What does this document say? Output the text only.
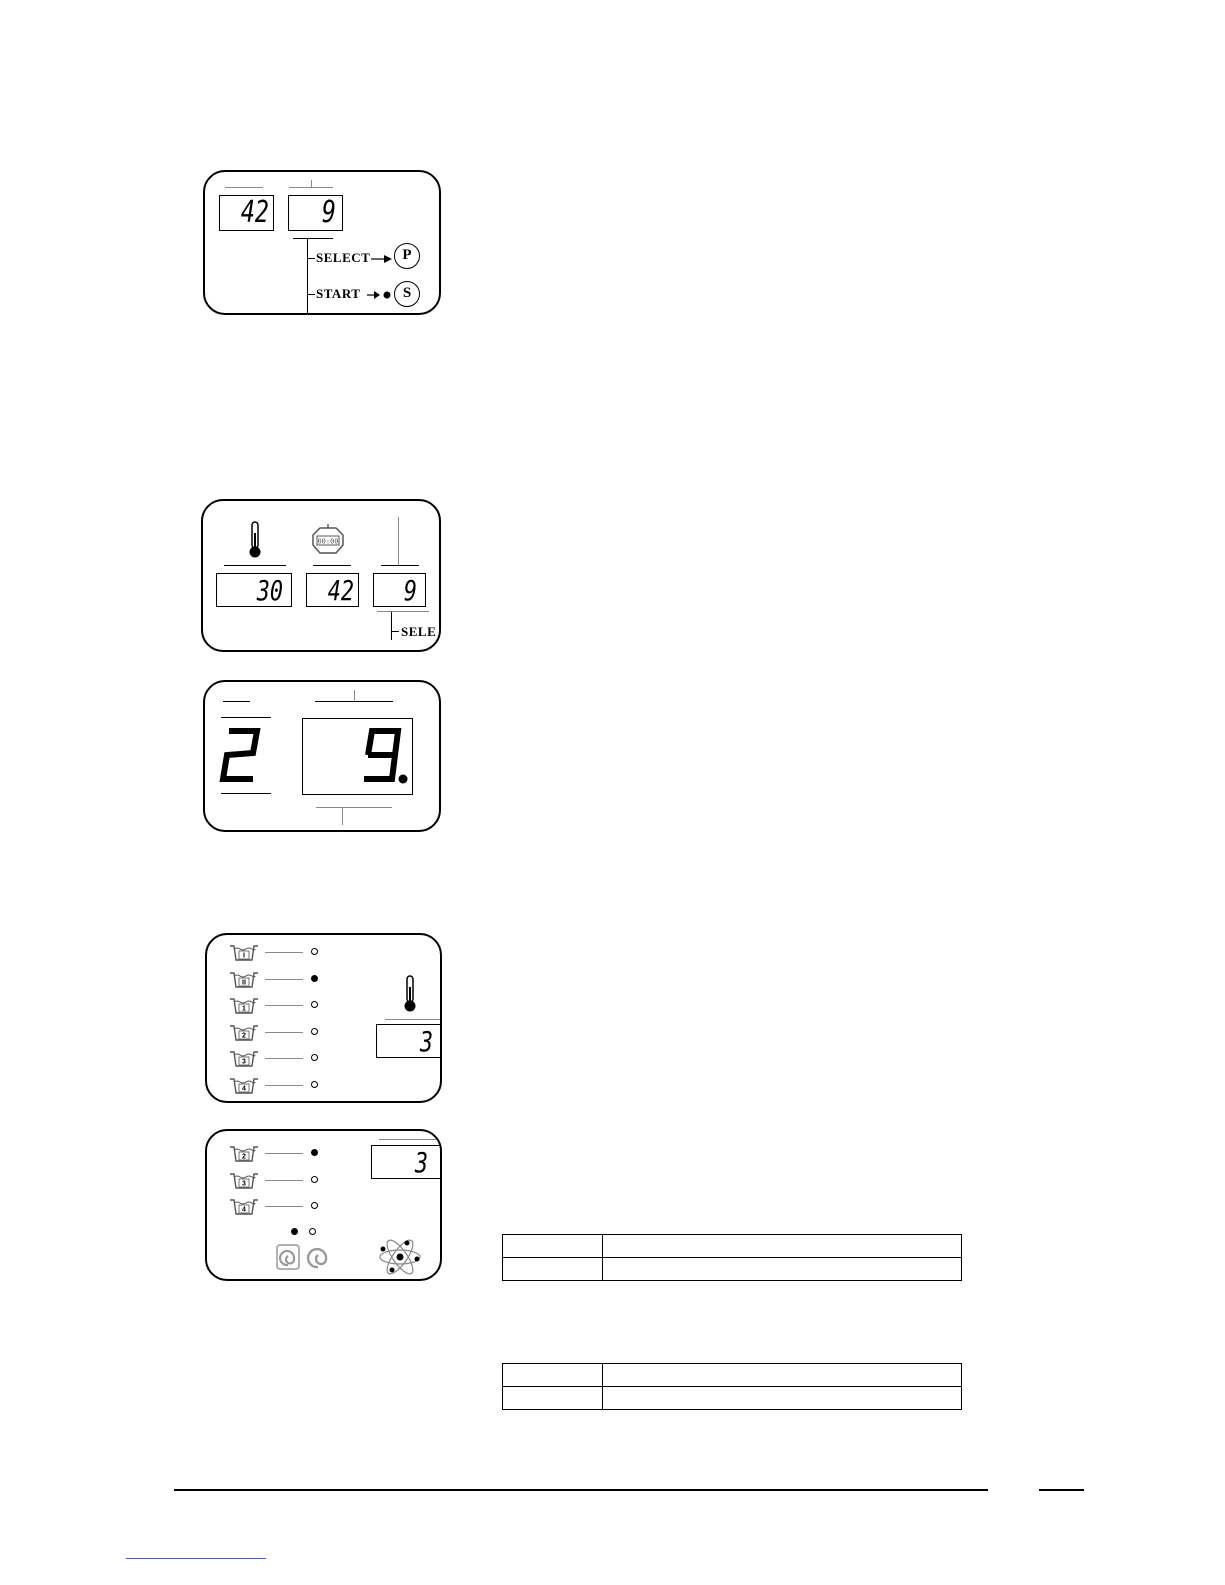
42	9
SELECT	P
START	S
00:00
30	42	9
SELE
I
II
1
2
3
4
3
2
3
4
3
